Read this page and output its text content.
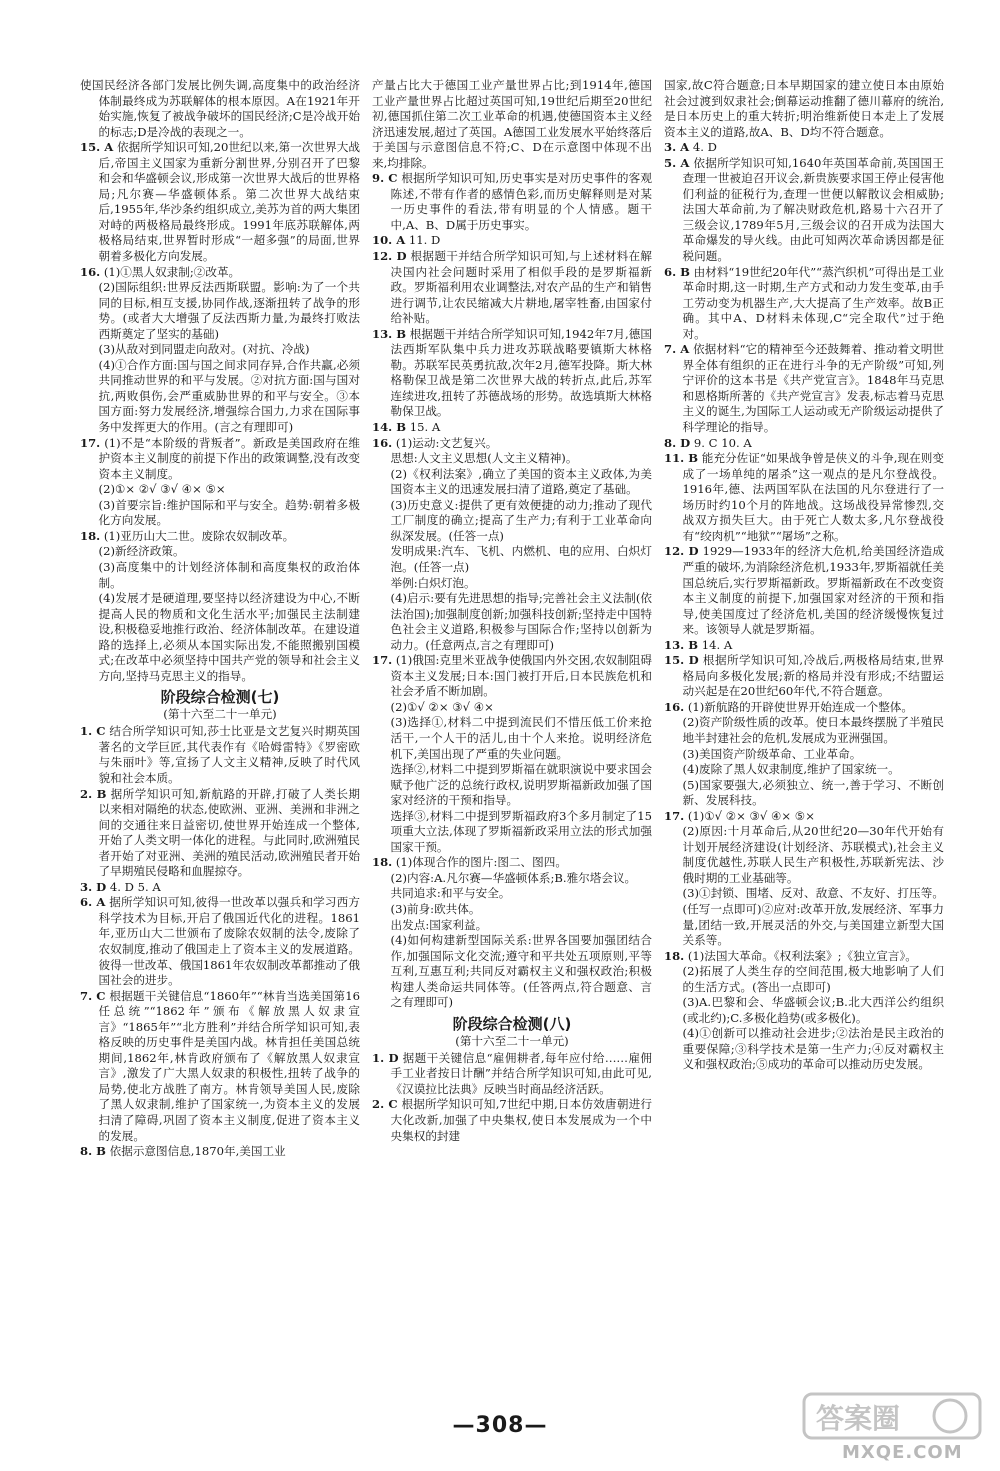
使国民经济各部门发展比例失调,高度集中的政治经济体制最终成为苏联解体的根本原因。A在1921年开始实施,恢复了被战争破坏的国民经济;C是冷战开始的标志;D是冷战的表现之一。

15. A 依据所学知识可知,20世纪以来,第一次世界大战后,帝国主义国家为重新分割世界,分别召开了巴黎和会和华盛顿会议,形成第一次世界大战后的世界格局;凡尔赛—华盛顿体系。第二次世界大战结束后,1955年,华沙条约组织成立,美苏为首的两大集团对峙的两极格局最终形成。1991年底苏联解体,两极格局结束,世界暂时形成“一超多强”的局面,世界朝着多极化方向发展。

16. (1)①黑人奴隶制;②改革。

(2)国际组织:世界反法西斯联盟。影响:为了一个共同的目标,相互支援,协同作战,逐渐扭转了战争的形势。(或者大大增强了反法西斯力量,为最终打败法西斯奠定了坚实的基础)

(3)从敌对到同盟走向敌对。(对抗、冷战)

(4)①合作方面:国与国之间求同存异,合作共赢,必须共同推动世界的和平与发展。②对抗方面:国与国对抗,两败俱伤,会严重威胁世界的和平与安全。③本国方面:努力发展经济,增强综合国力,力求在国际事务中发挥更大的作用。(言之有理即可)

17. (1)不是“本阶级的背叛者”。新政是美国政府在维护资本主义制度的前提下作出的政策调整,没有改变资本主义制度。

(2)①× ②√ ③√ ④× ⑤×

(3)首要宗旨:维护国际和平与安全。趋势:朝着多极化方向发展。

18. (1)亚历山大二世。废除农奴制改革。

(2)新经济政策。

(3)高度集中的计划经济体制和高度集权的政治体制。

(4)发展才是硬道理,要坚持以经济建设为中心,不断提高人民的物质和文化生活水平;加强民主法制建设,积极稳妥地推行政治、经济体制改革。在建设道路的选择上,必须从本国实际出发,不能照搬别国模式;在改革中必须坚持中国共产党的领导和社会主义方向,坚持马克思主义的指导。

阶段综合检测(七)
(第十六至二十一单元)

1. C 结合所学知识可知,莎士比亚是文艺复兴时期英国著名的文学巨匠,其代表作有《哈姆雷特》《罗密欧与朱丽叶》等,宣扬了人文主义精神,反映了时代风貌和社会本质。

2. B 据所学知识可知,新航路的开辟,打破了人类长期以来相对隔绝的状态,使欧洲、亚洲、美洲和非洲之间的交通往来日益密切,使世界开始连成一个整体,开始了人类文明一体化的进程。与此同时,欧洲殖民者开始了对亚洲、美洲的殖民活动,欧洲殖民者开始了早期殖民侵略和血腥掠夺。

3. D 4. D 5. A

6. A 据所学知识可知,彼得一世改革以强兵和学习西方科学技术为目标,开启了俄国近代化的进程。1861年,亚历山大二世颁布了废除农奴制的法令,废除了农奴制度,推动了俄国走上了资本主义的发展道路。彼得一世改革、俄国1861年农奴制改革都推动了俄国社会的进步。

7. C 根据题干关键信息“1860年”“林肯当选美国第16任总统”“1862年”颁布《解放黑人奴隶宣言》“1865年”“北方胜利”并结合所学知识可知,表格反映的历史事件是美国内战。林肯担任美国总统期间,1862年,林肯政府颁布了《解放黑人奴隶宣言》,激发了广大黑人奴隶的积极性,扭转了战争的局势,使北方战胜了南方。林肯领导美国人民,废除了黑人奴隶制,维护了国家统一,为资本主义的发展扫清了障碍,巩固了资本主义制度,促进了资本主义的发展。

8. B 依据示意图信息,1870年,美国工业

产量占比大于德国工业产量世界占比;到1914年,德国工业产量世界占比超过英国可知,19世纪后期至20世纪初,德国抓住第二次工业革命的机遇,使德国资本主义经济迅速发展,超过了英国。A德国工业发展水平始终落后于美国与示意图信息不符;C、D在示意图中体现不出来,均排除。

9. C 根据所学知识可知,历史事实是对历史事件的客观陈述,不带有作者的感情色彩,而历史解释则是对某一历史事件的看法,带有明显的个人情感。题干中,A、B、D属于历史事实。

10. A 11. D

12. D 根据题干并结合所学知识可知,与上述材料在解决国内社会问题时采用了相似手段的是罗斯福新政。罗斯福利用农业调整法,对农产品的生产和销售进行调节,让农民缩减大片耕地,屠宰牲畜,由国家付给补贴。

13. B 根据题干并结合所学知识可知,1942年7月,德国法西斯军队集中兵力进攻苏联战略要镇斯大林格勒。苏联军民英勇抗敌,次年2月,德军投降。斯大林格勒保卫战是第二次世界大战的转折点,此后,苏军连续进攻,扭转了苏德战场的形势。故选填斯大林格勒保卫战。

14. B 15. A

16. (1)运动:文艺复兴。

思想:人文主义思想(人文主义精神)。

(2)《权利法案》,确立了美国的资本主义政体,为美国资本主义的迅速发展扫清了道路,奠定了基础。

(3)历史意义:提供了更有效便捷的动力;推动了现代工厂制度的确立;提高了生产力;有利于工业革命向纵深发展。(任答一点)

发明成果:汽车、飞机、内燃机、电的应用、白炽灯泡。(任答一点)

举例:白炽灯泡。

(4)启示:要有先进思想的指导;完善社会主义法制(依法治国);加强制度创新;加强科技创新;坚持走中国特色社会主义道路,积极参与国际合作;坚持以创新为动力。(任意两点,言之有理即可)

17. (1)俄国:克里米亚战争使俄国内外交困,农奴制阻碍资本主义发展;日本:国门被打开后,日本民族危机和社会矛盾不断加剧。

(2)①√ ②× ③√ ④×

(3)选择①,材料二中提到流民们不惜压低工价来抢活干,一个人干的活儿,由十个人来抢。说明经济危机下,美国出现了严重的失业问题。

选择②,材料二中提到罗斯福在就职演说中要求国会赋予他广泛的总统行政权,说明罗斯福新政加强了国家对经济的干预和指导。

选择③,材料二中提到罗斯福政府3个多月制定了15项重大立法,体现了罗斯福新政采用立法的形式加强国家干预。

18. (1)体现合作的图片:图二、图四。

(2)内容:A.凡尔赛—华盛顿体系;B.雅尔塔会议。

共同追求:和平与安全。

(3)前身:欧共体。

出发点:国家利益。

(4)如何构建新型国际关系:世界各国要加强团结合作,加强国际文化交流;遵守和平共处五项原则,平等互利,互惠互利;共同反对霸权主义和强权政治;积极构建人类命运共同体等。(任答两点,符合题意、言之有理即可)

阶段综合检测(八)
(第十六至二十一单元)

1. D 据题干关键信息“雇佣耕者,每年应付给……雇佣手工业者按日计酬”并结合所学知识可知,由此可见,《汉谟拉比法典》反映当时商品经济活跃。

2. C 根据所学知识可知,7世纪中期,日本仿效唐朝进行大化改新,加强了中央集权,使日本发展成为一个中央集权的封建

国家,故C符合题意;日本早期国家的建立使日本由原始社会过渡到奴隶社会;倒幕运动推翻了德川幕府的统治,是日本历史上的重大转折;明治维新使日本走上了发展资本主义的道路,故A、B、D均不符合题意。

3. A 4. D

5. A 依据所学知识可知,1640年英国革命前,英国国王查理一世被迫召开议会,新贵族要求国王停止侵害他们利益的征税行为,查理一世便以解散议会相威胁;法国大革命前,为了解决财政危机,路易十六召开了三级会议,1789年5月,三级会议的召开成为法国大革命爆发的导火线。由此可知两次革命诱因都是征税问题。

6. B 由材料“19世纪20年代”“蒸汽织机”可得出是工业革命时期,这一时期,生产方式和动力发生变革,由手工劳动变为机器生产,大大提高了生产效率。故B正确。其中A、D材料未体现,C“完全取代”过于绝对。

7. A 依据材料“它的精神至今还鼓舞着、推动着文明世界全体有组织的正在进行斗争的无产阶级”可知,列宁评价的这本书是《共产党宣言》。1848年马克思和恩格斯所著的《共产党宣言》发表,标志着马克思主义的诞生,为国际工人运动或无产阶级运动提供了科学理论的指导。

8. D 9. C 10. A

11. B 能充分佐证“如果战争曾是侠义的斗争,现在则变成了一场单纯的屠杀”这一观点的是凡尔登战役。1916年,德、法两国军队在法国的凡尔登进行了一场历时约10个月的阵地战。这场战役异常惨烈,交战双方损失巨大。由于死亡人数太多,凡尔登战役有“绞肉机”“地狱”“屠场”之称。

12. D 1929—1933年的经济大危机,给美国经济造成严重的破坏,为消除经济危机,1933年,罗斯福就任美国总统后,实行罗斯福新政。罗斯福新政在不改变资本主义制度的前提下,加强国家对经济的干预和指导,使美国度过了经济危机,美国的经济缓慢恢复过来。该领导人就是罗斯福。

13. B 14. A

15. D 根据所学知识可知,冷战后,两极格局结束,世界格局向多极化发展;新的格局并没有形成;不结盟运动兴起是在20世纪60年代,不符合题意。

16. (1)新航路的开辟使世界开始连成一个整体。

(2)资产阶级性质的改革。使日本最终摆脱了半殖民地半封建社会的危机,发展成为亚洲强国。

(3)美国资产阶级革命、工业革命。

(4)废除了黑人奴隶制度,维护了国家统一。

(5)国家要强大,必须独立、统一,善于学习、不断创新、发展科技。

17. (1)①√ ②× ③√ ④× ⑤×

(2)原因:十月革命后,从20世纪20—30年代开始有计划开展经济建设(计划经济、苏联模式),社会主义制度优越性,苏联人民生产积极性,苏联新宪法、沙俄时期的工业基础等。

(3)①封锁、围堵、反对、敌意、不友好、打压等。(任写一点即可)②应对:改革开放,发展经济、军事力量,团结一致,开展灵活的外交,与美国建立新型大国关系等。

18. (1)法国大革命。《权利法案》;《独立宣言》。

(2)拓展了人类生存的空间范围,极大地影响了人们的生活方式。(答出一点即可)

(3)A.巴黎和会、华盛顿会议;B.北大西洋公约组织(或北约);C.多极化趋势(或多极化)。

(4)①创新可以推动社会进步;②法治是民主政治的重要保障;③科学技术是第一生产力;④反对霸权主义和强权政治;⑤成功的革命可以推动历史发展。

—308—	答案圈
MXQE.COM
